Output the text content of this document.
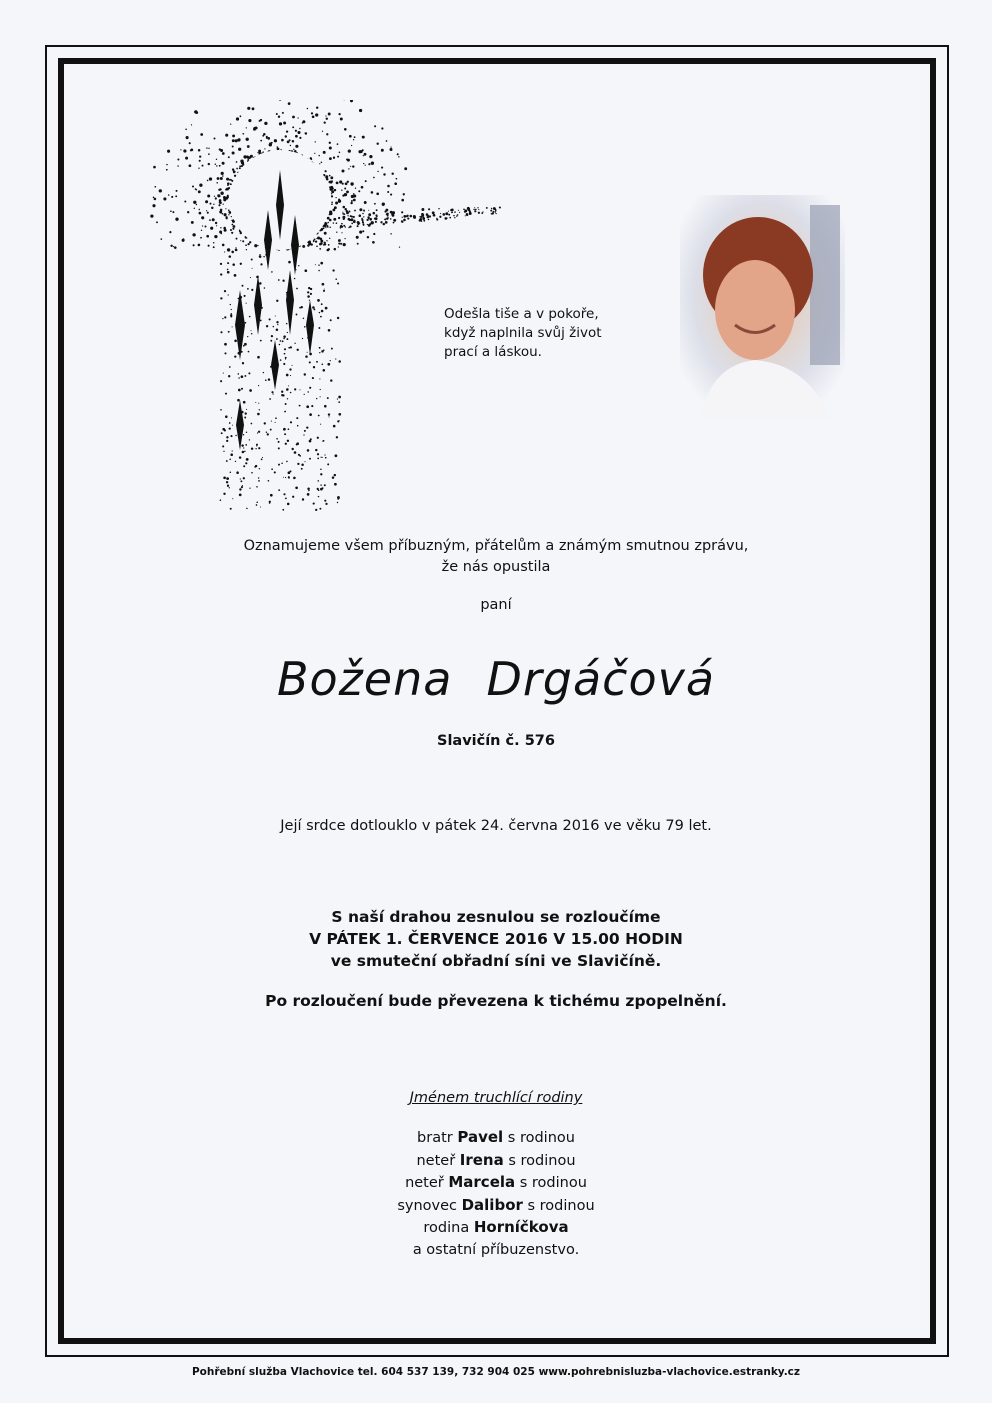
Odešla tiše a v pokoře,
když naplnila svůj život
prací a láskou.
Oznamujeme všem příbuzným, přátelům a známým smutnou zprávu,
že nás opustila
paní
Božena Drgáčová
Slavičín č. 576
Její srdce dotlouklo v pátek 24. června 2016 ve věku 79 let.
S naší drahou zesnulou se rozloučíme
V PÁTEK 1. ČERVENCE 2016 V 15.00 HODIN
ve smuteční obřadní síni ve Slavičíně.
Po rozloučení bude převezena k tichému zpopelnění.
Jménem truchlící rodiny
bratr Pavel s rodinou
neteř Irena s rodinou
neteř Marcela s rodinou
synovec Dalibor s rodinou
rodina Horníčkova
a ostatní příbuzenstvo.
Pohřební služba Vlachovice tel. 604 537 139, 732 904 025 www.pohrebnisluzba-vlachovice.estranky.cz
